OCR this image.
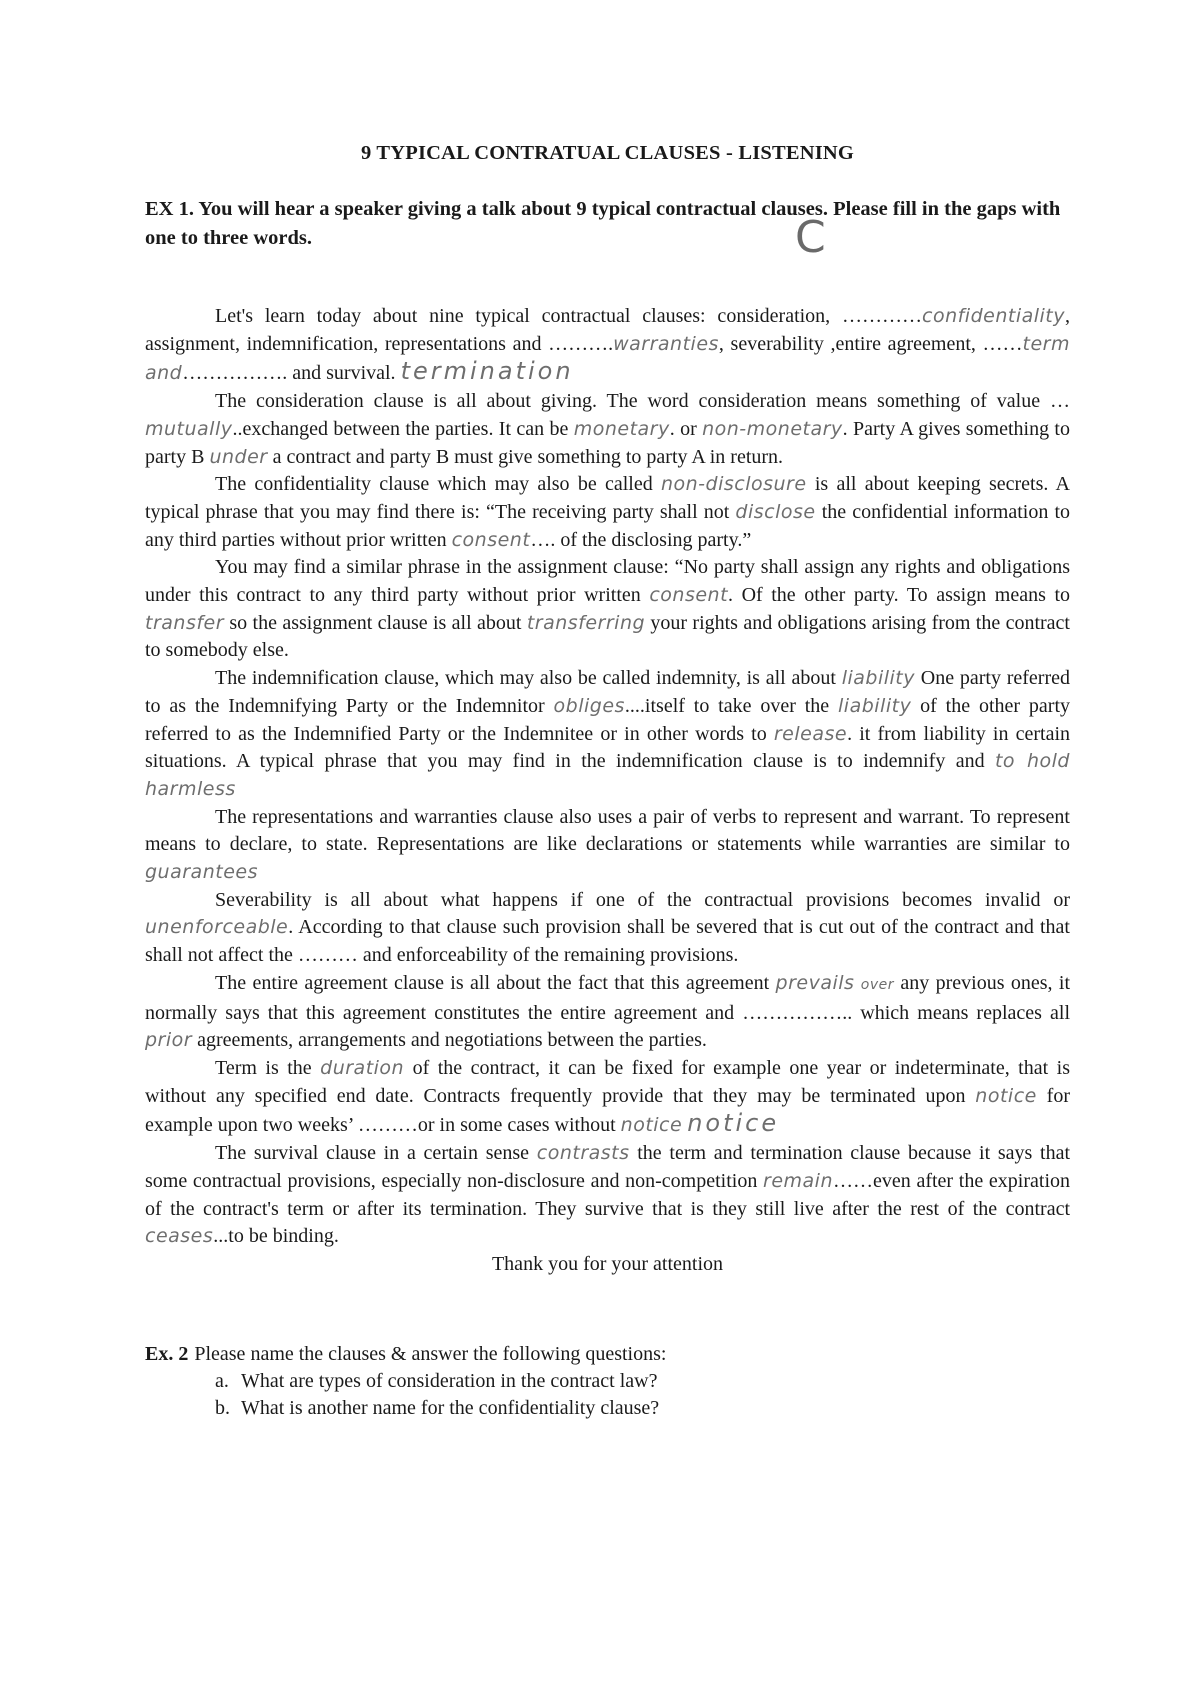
9 TYPICAL CONTRATUAL CLAUSES - LISTENING
EX 1. You will hear a speaker giving a talk about 9 typical contractual clauses. Please fill in the gaps with one to three words.	C

Let's learn today about nine typical contractual clauses: consideration, …………confidentiality, assignment, indemnification, representations and ……….warranties, severability ,entire agreement, ……term and……………. and survival. termination

The consideration clause is all about giving. The word consideration means something of value …mutually..exchanged between the parties. It can be monetary. or non-monetary. Party A gives something to party B under a contract and party B must give something to party A in return.

The confidentiality clause which may also be called non-disclosure is all about keeping secrets. A typical phrase that you may find there is: “The receiving party shall not disclose the confidential information to any third parties without prior written consent…. of the disclosing party.”

You may find a similar phrase in the assignment clause: “No party shall assign any rights and obligations under this contract to any third party without prior written consent. Of the other party. To assign means to transfer so the assignment clause is all about transferring your rights and obligations arising from the contract to somebody else.

The indemnification clause, which may also be called indemnity, is all about liability One party referred to as the Indemnifying Party or the Indemnitor obliges....itself to take over the liability of the other party referred to as the Indemnified Party or the Indemnitee or in other words to release. it from liability in certain situations. A typical phrase that you may find in the indemnification clause is to indemnify and to hold harmless

The representations and warranties clause also uses a pair of verbs to represent and warrant. To represent means to declare, to state. Representations are like declarations or statements while warranties are similar to guarantees

Severability is all about what happens if one of the contractual provisions becomes invalid or unenforceable. According to that clause such provision shall be severed that is cut out of the contract and that shall not affect the ……… and enforceability of the remaining provisions.

The entire agreement clause is all about the fact that this agreement prevails over any previous ones, it normally says that this agreement constitutes the entire agreement and …………….. which means replaces all prior agreements, arrangements and negotiations between the parties.

Term is the duration of the contract, it can be fixed for example one year or indeterminate, that is without any specified end date. Contracts frequently provide that they may be terminated upon notice for example upon two weeks’ ………or in some cases without notice notice

The survival clause in a certain sense contrasts the term and termination clause because it says that some contractual provisions, especially non-disclosure and non-competition remain……even after the expiration of the contract's term or after its termination. They survive that is they still live after the rest of the contract ceases...to be binding.

Thank you for your attention
Ex. 2 Please name the clauses & answer the following questions:
a. What are types of consideration in the contract law?
b. What is another name for the confidentiality clause?
